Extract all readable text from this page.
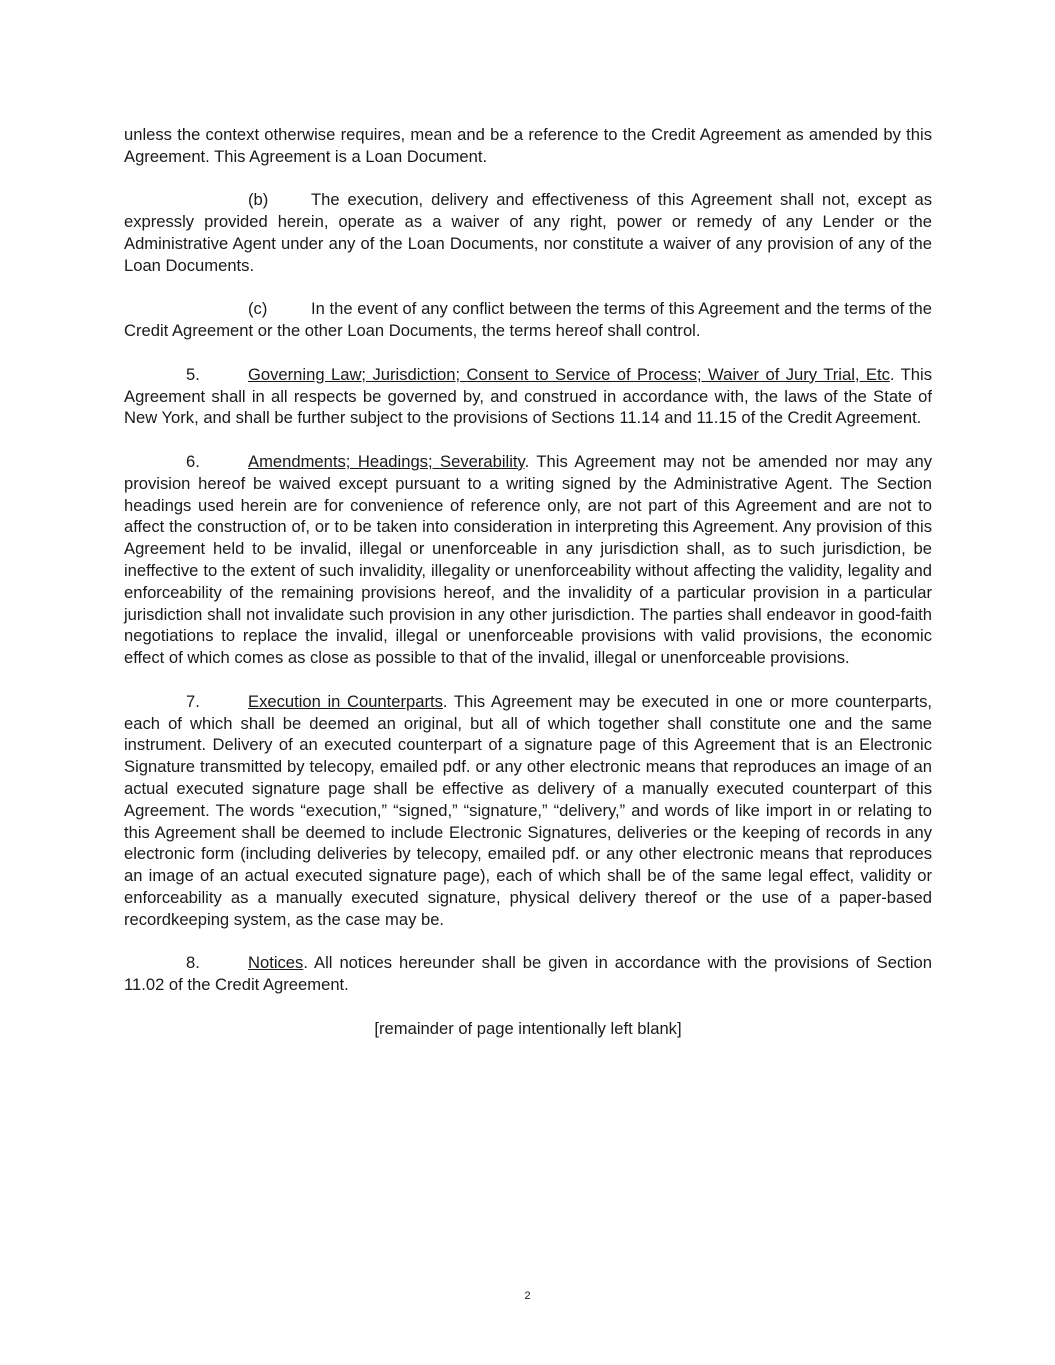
unless the context otherwise requires, mean and be a reference to the Credit Agreement as amended by this Agreement. This Agreement is a Loan Document.

(b)	The execution, delivery and effectiveness of this Agreement shall not, except as expressly provided herein, operate as a waiver of any right, power or remedy of any Lender or the Administrative Agent under any of the Loan Documents, nor constitute a waiver of any provision of any of the Loan Documents.

(c)	In the event of any conflict between the terms of this Agreement and the terms of the Credit Agreement or the other Loan Documents, the terms hereof shall control.

5.	Governing Law; Jurisdiction; Consent to Service of Process; Waiver of Jury Trial, Etc. This Agreement shall in all respects be governed by, and construed in accordance with, the laws of the State of New York, and shall be further subject to the provisions of Sections 11.14 and 11.15 of the Credit Agreement.

6.	Amendments; Headings; Severability. This Agreement may not be amended nor may any provision hereof be waived except pursuant to a writing signed by the Administrative Agent. The Section headings used herein are for convenience of reference only, are not part of this Agreement and are not to affect the construction of, or to be taken into consideration in interpreting this Agreement. Any provision of this Agreement held to be invalid, illegal or unenforceable in any jurisdiction shall, as to such jurisdiction, be ineffective to the extent of such invalidity, illegality or unenforceability without affecting the validity, legality and enforceability of the remaining provisions hereof, and the invalidity of a particular provision in a particular jurisdiction shall not invalidate such provision in any other jurisdiction. The parties shall endeavor in good-faith negotiations to replace the invalid, illegal or unenforceable provisions with valid provisions, the economic effect of which comes as close as possible to that of the invalid, illegal or unenforceable provisions.

7.	Execution in Counterparts. This Agreement may be executed in one or more counterparts, each of which shall be deemed an original, but all of which together shall constitute one and the same instrument. Delivery of an executed counterpart of a signature page of this Agreement that is an Electronic Signature transmitted by telecopy, emailed pdf. or any other electronic means that reproduces an image of an actual executed signature page shall be effective as delivery of a manually executed counterpart of this Agreement. The words “execution,” “signed,” “signature,” “delivery,” and words of like import in or relating to this Agreement shall be deemed to include Electronic Signatures, deliveries or the keeping of records in any electronic form (including deliveries by telecopy, emailed pdf. or any other electronic means that reproduces an image of an actual executed signature page), each of which shall be of the same legal effect, validity or enforceability as a manually executed signature, physical delivery thereof or the use of a paper-based recordkeeping system, as the case may be.

8.	Notices. All notices hereunder shall be given in accordance with the provisions of Section 11.02 of the Credit Agreement.

[remainder of page intentionally left blank]

2
